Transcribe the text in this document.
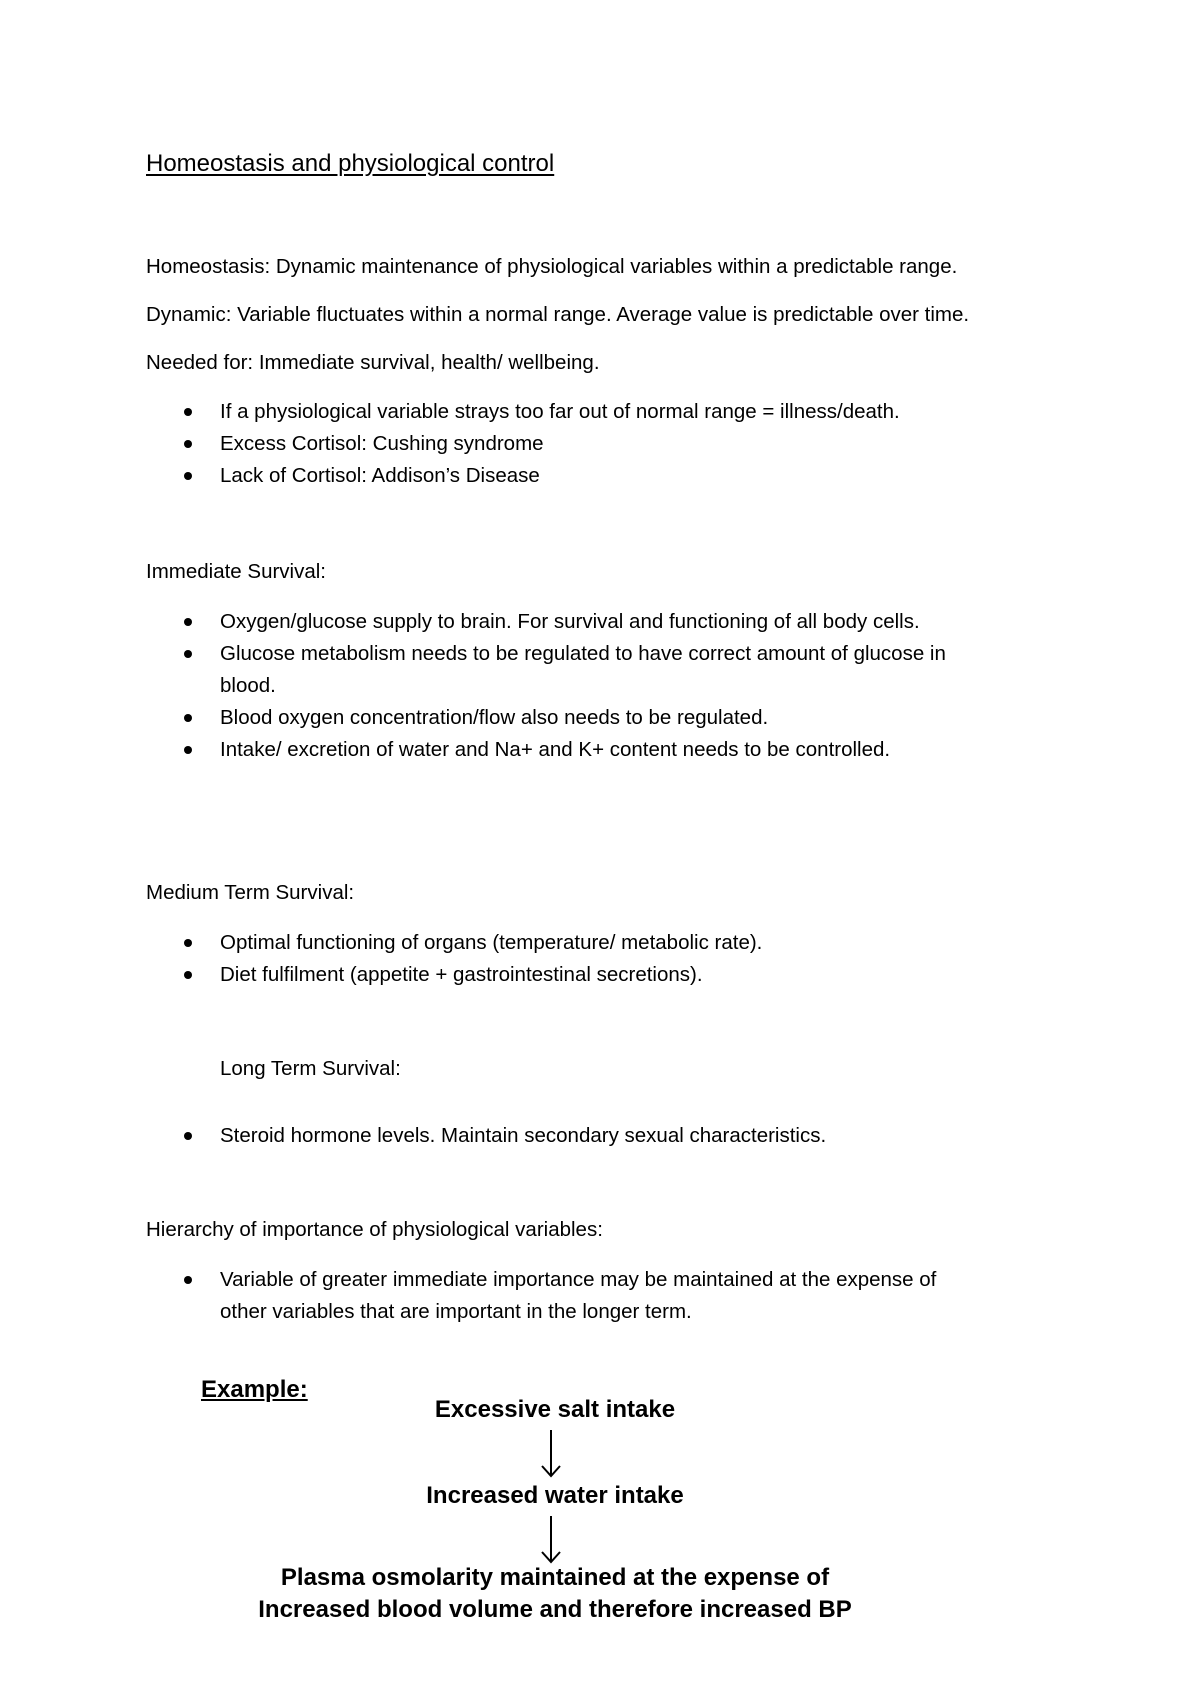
Homeostasis and physiological control
Homeostasis: Dynamic maintenance of physiological variables within a predictable range.
Dynamic: Variable fluctuates within a normal range. Average value is predictable over time.
Needed for: Immediate survival, health/ wellbeing.
If a physiological variable strays too far out of normal range = illness/death.
Excess Cortisol: Cushing syndrome
Lack of Cortisol: Addison’s Disease
Immediate Survival:
Oxygen/glucose supply to brain. For survival and functioning of all body cells.
Glucose metabolism needs to be regulated to have correct amount of glucose in blood.
Blood oxygen concentration/flow also needs to be regulated.
Intake/ excretion of water and Na+ and K+ content needs to be controlled.
Medium Term Survival:
Optimal functioning of organs (temperature/ metabolic rate).
Diet fulfilment (appetite + gastrointestinal secretions).
Long Term Survival:
Steroid hormone levels. Maintain secondary sexual characteristics.
Hierarchy of importance of physiological variables:
Variable of greater immediate importance may be maintained at the expense of other variables that are important in the longer term.
Example:
Excessive salt intake
Increased water intake
Plasma osmolarity maintained at the expense of
Increased blood volume and therefore increased BP
